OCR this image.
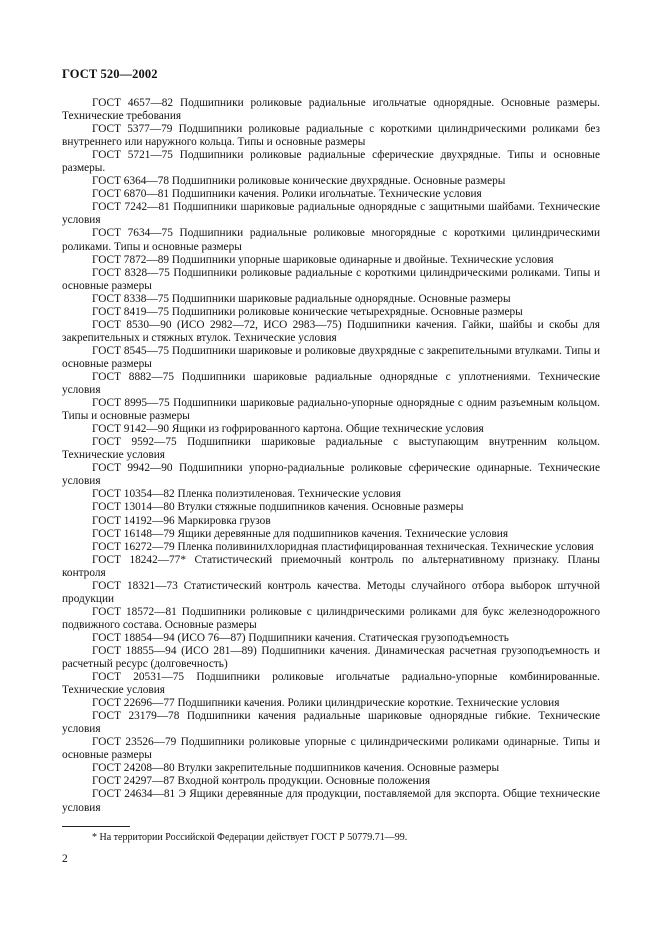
ГОСТ 520—2002

ГОСТ 4657—82 Подшипники роликовые радиальные игольчатые однорядные. Основные размеры. Технические требования

ГОСТ 5377—79 Подшипники роликовые радиальные с короткими цилиндрическими роликами без внутреннего или наружного кольца. Типы и основные размеры

ГОСТ 5721—75 Подшипники роликовые радиальные сферические двухрядные. Типы и основные размеры.

ГОСТ 6364—78 Подшипники роликовые конические двухрядные. Основные размеры

ГОСТ 6870—81 Подшипники качения. Ролики игольчатые. Технические условия

ГОСТ 7242—81 Подшипники шариковые радиальные однорядные с защитными шайбами. Технические условия

ГОСТ 7634—75 Подшипники радиальные роликовые многорядные с короткими цилиндрическими роликами. Типы и основные размеры

ГОСТ 7872—89 Подшипники упорные шариковые одинарные и двойные. Технические условия

ГОСТ 8328—75 Подшипники роликовые радиальные с короткими цилиндрическими роликами. Типы и основные размеры

ГОСТ 8338—75 Подшипники шариковые радиальные однорядные. Основные размеры

ГОСТ 8419—75 Подшипники роликовые конические четырехрядные. Основные размеры

ГОСТ 8530—90 (ИСО 2982—72, ИСО 2983—75) Подшипники качения. Гайки, шайбы и скобы для закрепительных и стяжных втулок. Технические условия

ГОСТ 8545—75 Подшипники шариковые и роликовые двухрядные с закрепительными втулками. Типы и основные размеры

ГОСТ 8882—75 Подшипники шариковые радиальные однорядные с уплотнениями. Технические условия

ГОСТ 8995—75 Подшипники шариковые радиально-упорные однорядные с одним разъемным кольцом. Типы и основные размеры

ГОСТ 9142—90 Ящики из гофрированного картона. Общие технические условия

ГОСТ 9592—75 Подшипники шариковые радиальные с выступающим внутренним кольцом. Технические условия

ГОСТ 9942—90 Подшипники упорно-радиальные роликовые сферические одинарные. Технические условия

ГОСТ 10354—82 Пленка полиэтиленовая. Технические условия

ГОСТ 13014—80 Втулки стяжные подшипников качения. Основные размеры

ГОСТ 14192—96 Маркировка грузов

ГОСТ 16148—79 Ящики деревянные для подшипников качения. Технические условия

ГОСТ 16272—79 Пленка поливинилхлоридная пластифицированная техническая. Технические условия

ГОСТ 18242—77* Статистический приемочный контроль по альтернативному признаку. Планы контроля

ГОСТ 18321—73 Статистический контроль качества. Методы случайного отбора выборок штучной продукции

ГОСТ 18572—81 Подшипники роликовые с цилиндрическими роликами для букс железнодорожного подвижного состава. Основные размеры

ГОСТ 18854—94 (ИСО 76—87) Подшипники качения. Статическая грузоподъемность

ГОСТ 18855—94 (ИСО 281—89) Подшипники качения. Динамическая расчетная грузоподъемность и расчетный ресурс (долговечность)

ГОСТ 20531—75 Подшипники роликовые игольчатые радиально-упорные комбинированные. Технические условия

ГОСТ 22696—77 Подшипники качения. Ролики цилиндрические короткие. Технические условия

ГОСТ 23179—78 Подшипники качения радиальные шариковые однорядные гибкие. Технические условия

ГОСТ 23526—79 Подшипники роликовые упорные с цилиндрическими роликами одинарные. Типы и основные размеры

ГОСТ 24208—80 Втулки закрепительные подшипников качения. Основные размеры

ГОСТ 24297—87 Входной контроль продукции. Основные положения

ГОСТ 24634—81 Э Ящики деревянные для продукции, поставляемой для экспорта. Общие технические условия

* На территории Российской Федерации действует ГОСТ Р 50779.71—99.
2
